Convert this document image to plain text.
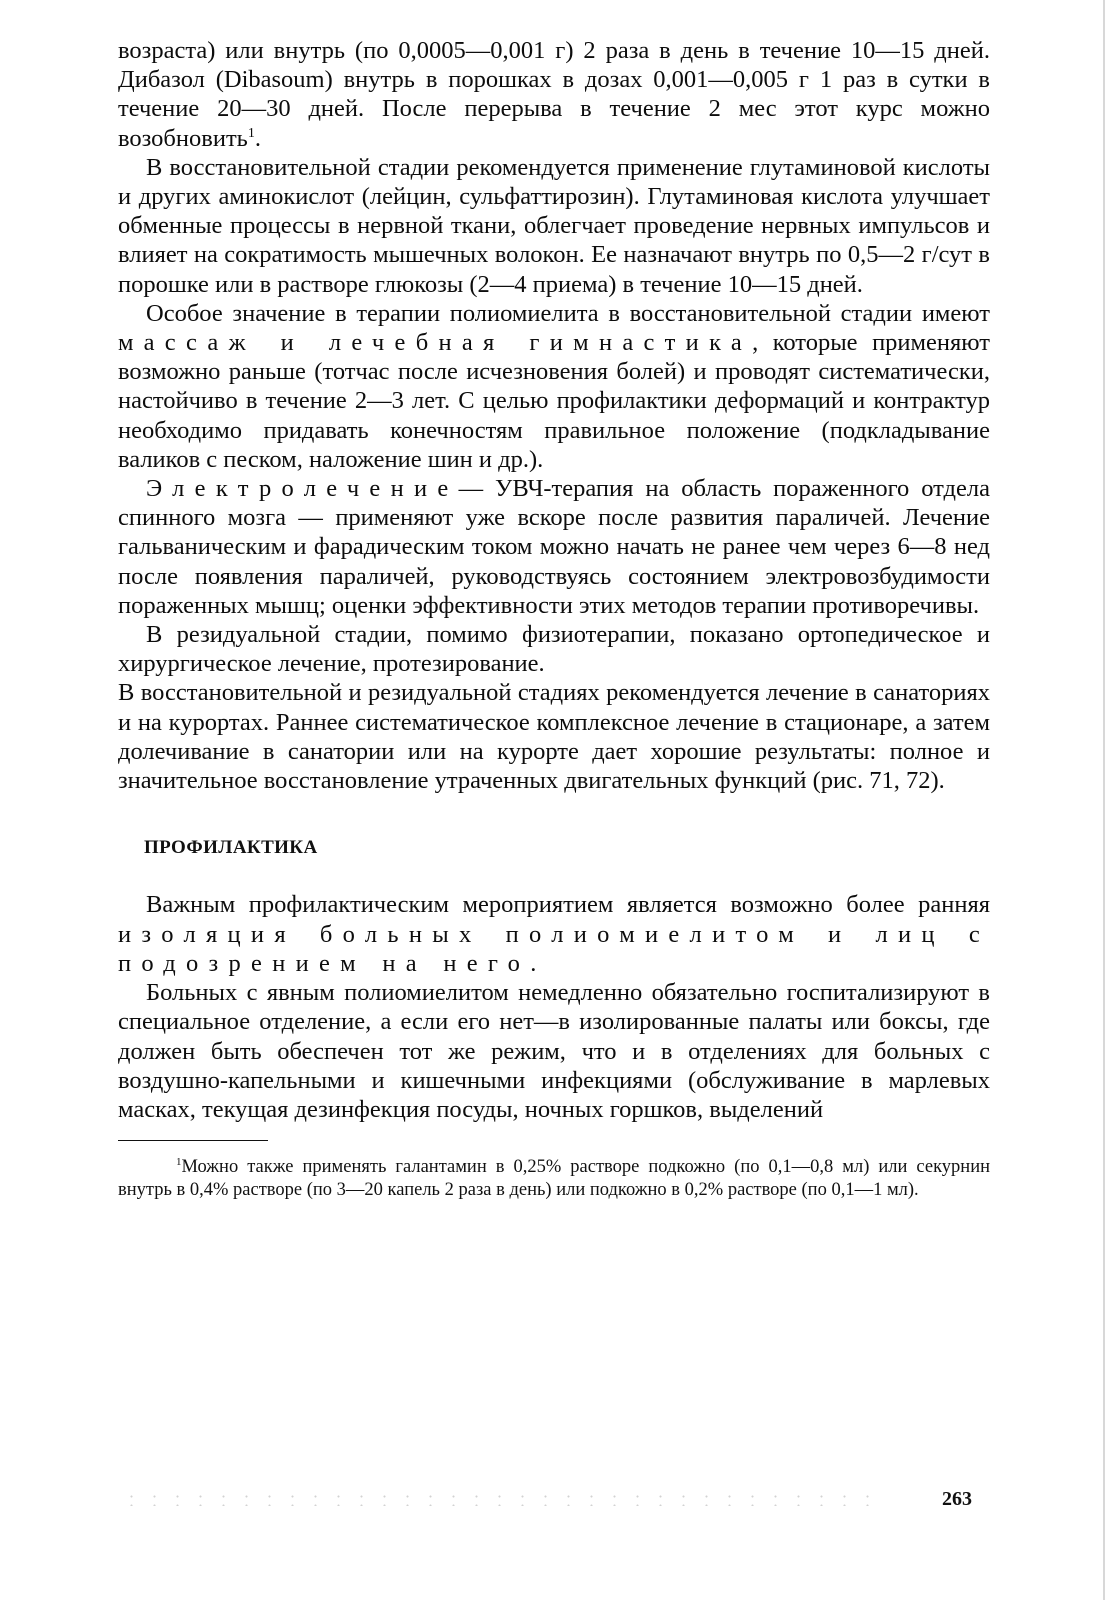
возраста) или внутрь (по 0,0005—0,001 г) 2 раза в день в течение 10—15 дней. Дибазол (Dibasoum) внутрь в порошках в дозах 0,001—0,005 г 1 раз в сутки в течение 20—30 дней. После перерыва в течение 2 мес этот курс можно возобновить$^1$.

В восстановительной стадии рекомендуется применение глутаминовой кислоты и других аминокислот (лейцин, сульфаттирозин). Глутаминовая кислота улучшает обменные процессы в нервной ткани, облегчает проведение нервных импульсов и влияет на сократимость мышечных волокон. Ее назначают внутрь по 0,5—2 г/сут в порошке или в растворе глюкозы (2—4 приема) в течение 10—15 дней.

Особое значение в терапии полиомиелита в восстановительной стадии имеют массаж и лечебная гимнастика, которые применяют возможно раньше (тотчас после исчезновения болей) и проводят систематически, настойчиво в течение 2—3 лет. С целью профилактики деформаций и контрактур необходимо придавать конечностям правильное положение (подкладывание валиков с песком, наложение шин и др.).

Электролечение— УВЧ-терапия на область пораженного отдела спинного мозга — применяют уже вскоре после развития параличей. Лечение гальваническим и фарадическим током можно начать не ранее чем через 6—8 нед после появления параличей, руководствуясь состоянием электровозбудимости пораженных мышц; оценки эффективности этих методов терапии противоречивы.

В резидуальной стадии, помимо физиотерапии, показано ортопедическое и хирургическое лечение, протезирование.

В восстановительной и резидуальной стадиях рекомендуется лечение в санаториях и на курортах. Раннее систематическое комплексное лечение в стационаре, а затем долечивание в санатории или на курорте дает хорошие результаты: полное и значительное восстановление утраченных двигательных функций (рис. 71, 72).

ПРОФИЛАКТИКА

Важным профилактическим мероприятием является возможно более ранняя изоляция больных полиомиелитом и лиц с подозрением на него.

Больных с явным полиомиелитом немедленно обязательно госпитализируют в специальное отделение, а если его нет—в изолированные палаты или боксы, где должен быть обеспечен тот же режим, что и в отделениях для больных с воздушно-капельными и кишечными инфекциями (обслуживание в марлевых масках, текущая дезинфекция посуды, ночных горшков, выделений

$^1$Можно также применять галантамин в 0,25% растворе подкожно (по 0,1—0,8 мл) или секурнин внутрь в 0,4% растворе (по 3—20 капель 2 раза в день) или подкожно в 0,2% растворе (по 0,1—1 мл).

263
